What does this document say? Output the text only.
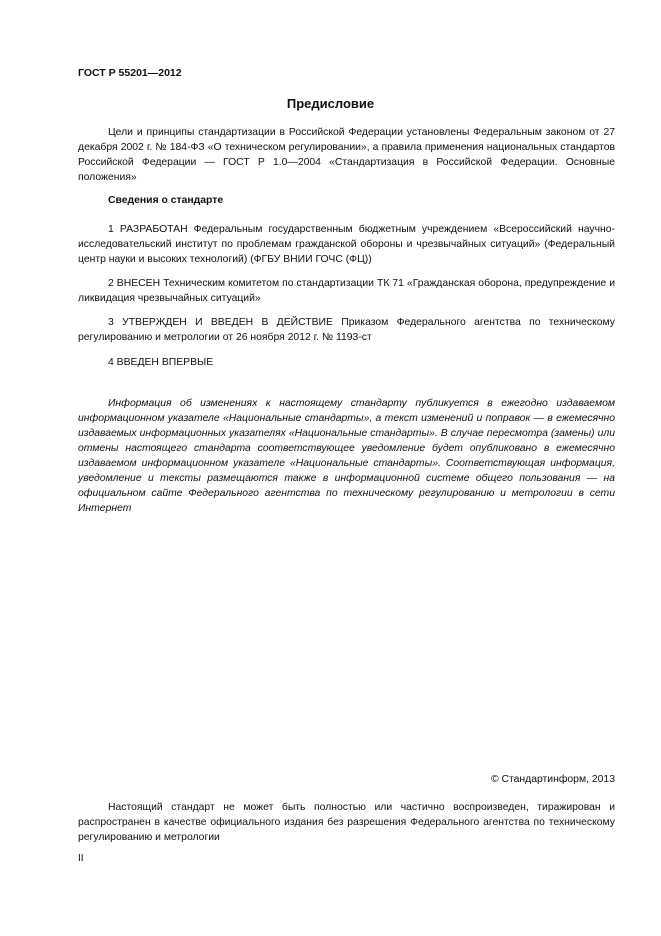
ГОСТ Р 55201—2012
Предисловие
Цели и принципы стандартизации в Российской Федерации установлены Федеральным законом от 27 декабря 2002 г. № 184-ФЗ «О техническом регулировании», а правила применения национальных стандартов Российской Федерации — ГОСТ Р 1.0—2004 «Стандартизация в Российской Федерации. Основные положения»
Сведения о стандарте
1 РАЗРАБОТАН Федеральным государственным бюджетным учреждением «Всероссийский научно-исследовательский институт по проблемам гражданской обороны и чрезвычайных ситуаций» (Федеральный центр науки и высоких технологий) (ФГБУ ВНИИ ГОЧС (ФЦ))
2 ВНЕСЕН Техническим комитетом по стандартизации ТК 71 «Гражданская оборона, предупреждение и ликвидация чрезвычайных ситуаций»
3 УТВЕРЖДЕН И ВВЕДЕН В ДЕЙСТВИЕ Приказом Федерального агентства по техническому регулированию и метрологии от 26 ноября 2012 г. № 1193-ст
4 ВВЕДЕН ВПЕРВЫЕ
Информация об изменениях к настоящему стандарту публикуется в ежегодно издаваемом информационном указателе «Национальные стандарты», а текст изменений и поправок — в ежемесячно издаваемых информационных указателях «Национальные стандарты». В случае пересмотра (замены) или отмены настоящего стандарта соответствующее уведомление будет опубликовано в ежемесячно издаваемом информационном указателе «Национальные стандарты». Соответствующая информация, уведомление и тексты размещаются также в информационной системе общего пользования — на официальном сайте Федерального агентства по техническому регулированию и метрологии в сети Интернет
© Стандартинформ, 2013
Настоящий стандарт не может быть полностью или частично воспроизведен, тиражирован и распространен в качестве официального издания без разрешения Федерального агентства по техническому регулированию и метрологии
II
